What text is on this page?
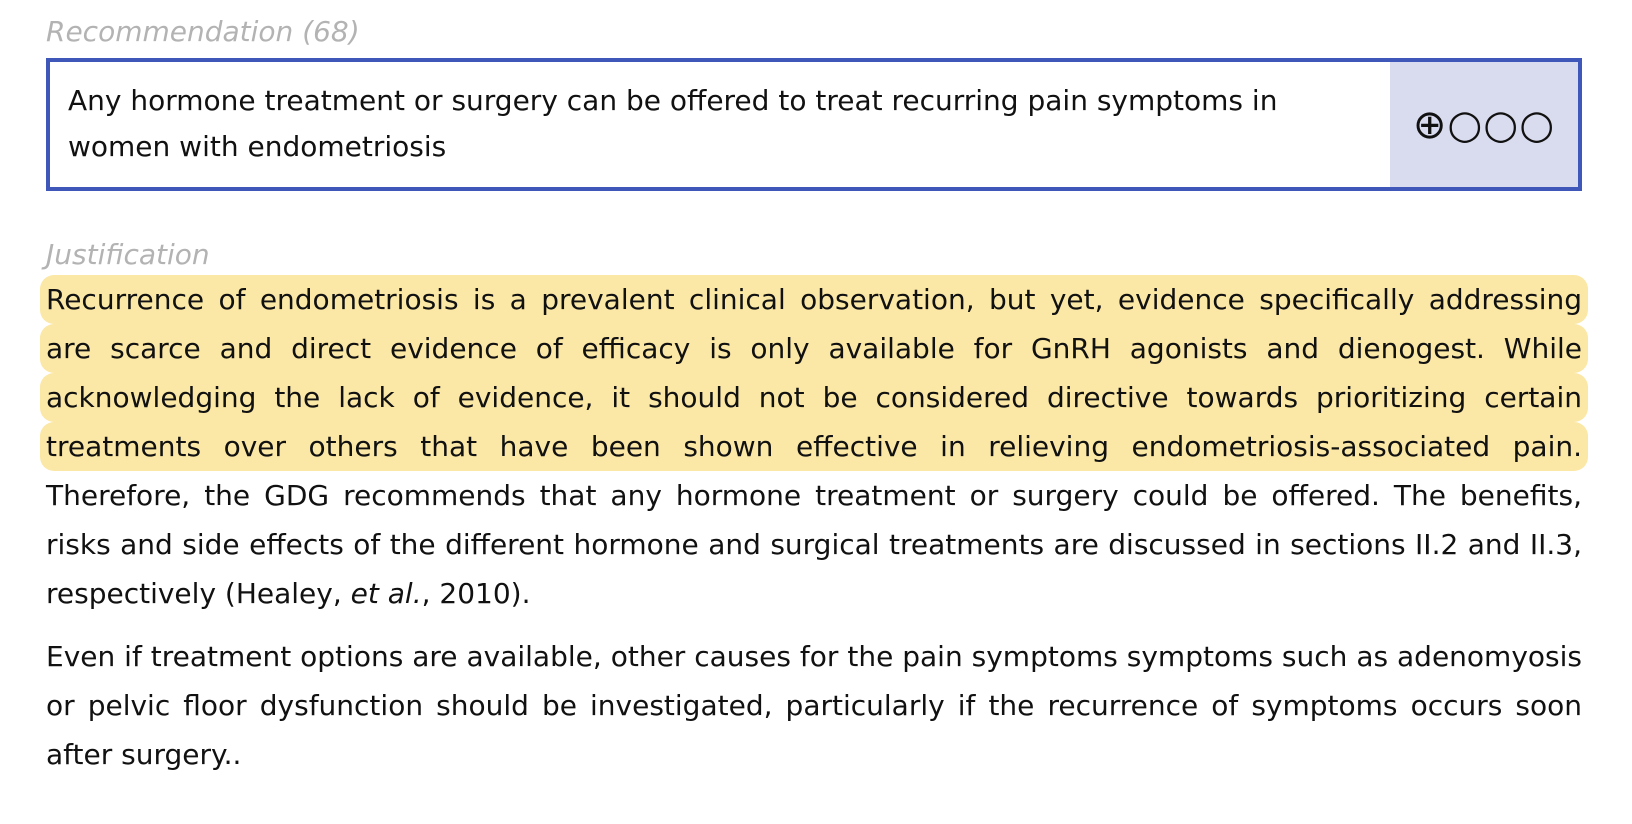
Recommendation (68)
Any hormone treatment or surgery can be offered to treat recurring pain symptoms in women with endometriosis	⊕○○○
Justification

Recurrence of endometriosis is a prevalent clinical observation, but yet, evidence specifically addressing
are scarce and direct evidence of efficacy is only available for GnRH agonists and dienogest. While
acknowledging the lack of evidence, it should not be considered directive towards prioritizing certain
treatments over others that have been shown effective in relieving endometriosis-associated pain.
Therefore, the GDG recommends that any hormone treatment or surgery could be offered. The benefits, risks and side effects of the different hormone and surgical treatments are discussed in sections II.2 and II.3, respectively (Healey, et al., 2010).

Even if treatment options are available, other causes for the pain symptoms symptoms such as adenomyosis or pelvic floor dysfunction should be investigated, particularly if the recurrence of symptoms occurs soon after surgery..
